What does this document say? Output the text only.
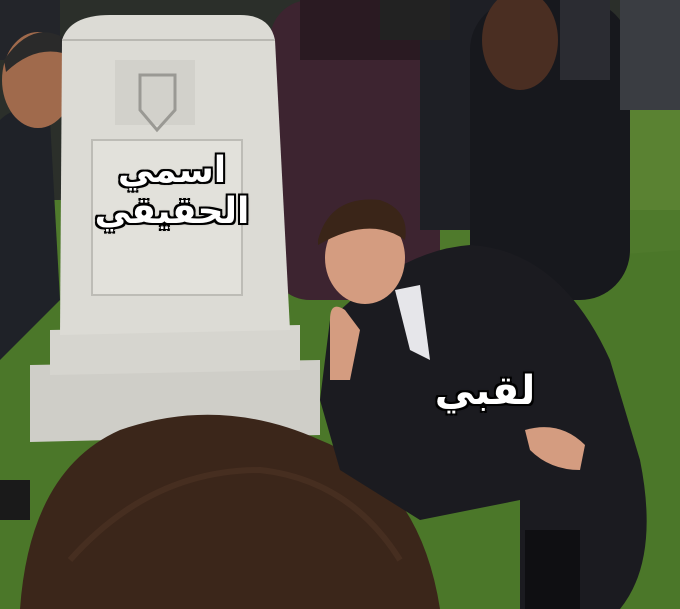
اسمي
الحقيقي
لقبي
